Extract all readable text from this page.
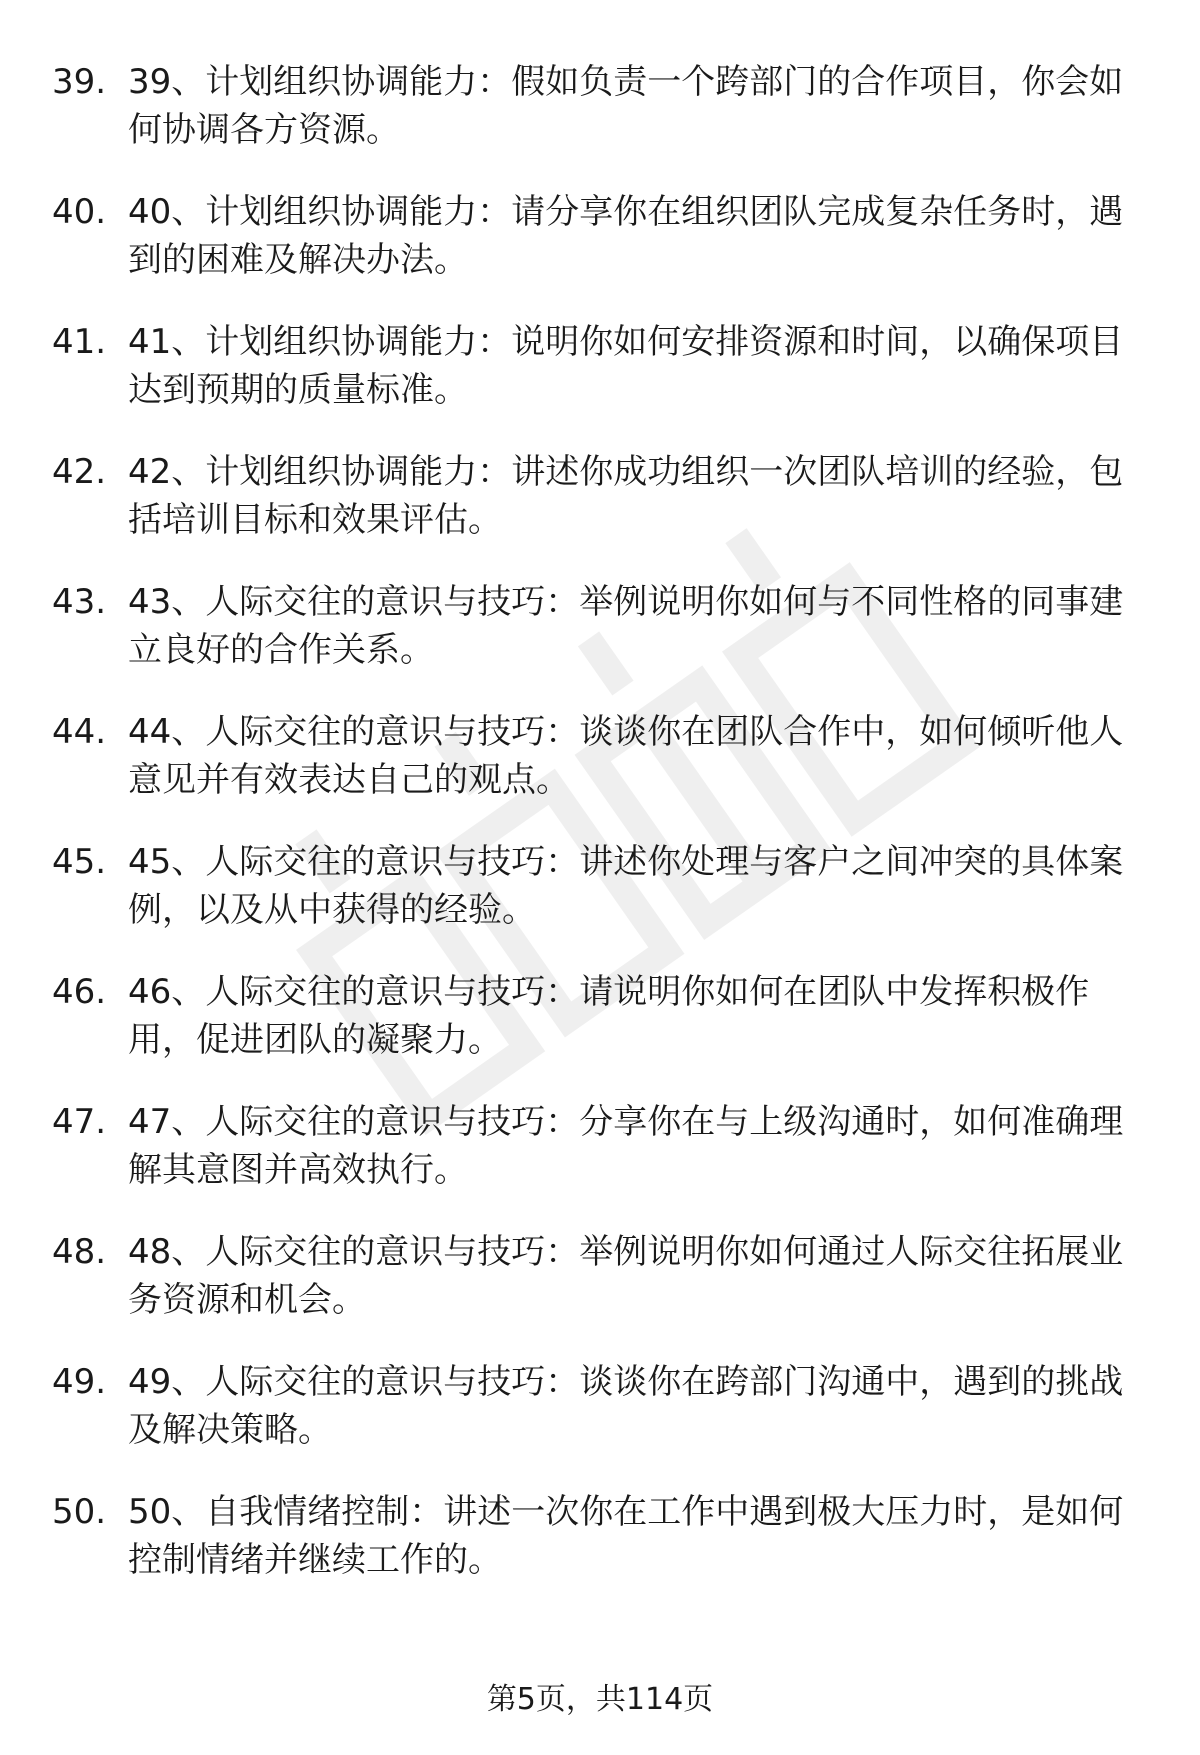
39. 39、计划组织协调能力：假如负责一个跨部门的合作项目，你会如何协调各方资源。
40. 40、计划组织协调能力：请分享你在组织团队完成复杂任务时，遇到的困难及解决办法。
41. 41、计划组织协调能力：说明你如何安排资源和时间，以确保项目达到预期的质量标准。
42. 42、计划组织协调能力：讲述你成功组织一次团队培训的经验，包括培训目标和效果评估。
43. 43、人际交往的意识与技巧：举例说明你如何与不同性格的同事建立良好的合作关系。
44. 44、人际交往的意识与技巧：谈谈你在团队合作中，如何倾听他人意见并有效表达自己的观点。
45. 45、人际交往的意识与技巧：讲述你处理与客户之间冲突的具体案例，以及从中获得的经验。
46. 46、人际交往的意识与技巧：请说明你如何在团队中发挥积极作用，促进团队的凝聚力。
47. 47、人际交往的意识与技巧：分享你在与上级沟通时，如何准确理解其意图并高效执行。
48. 48、人际交往的意识与技巧：举例说明你如何通过人际交往拓展业务资源和机会。
49. 49、人际交往的意识与技巧：谈谈你在跨部门沟通中，遇到的挑战及解决策略。
50. 50、自我情绪控制：讲述一次你在工作中遇到极大压力时，是如何控制情绪并继续工作的。
第5页，共114页
